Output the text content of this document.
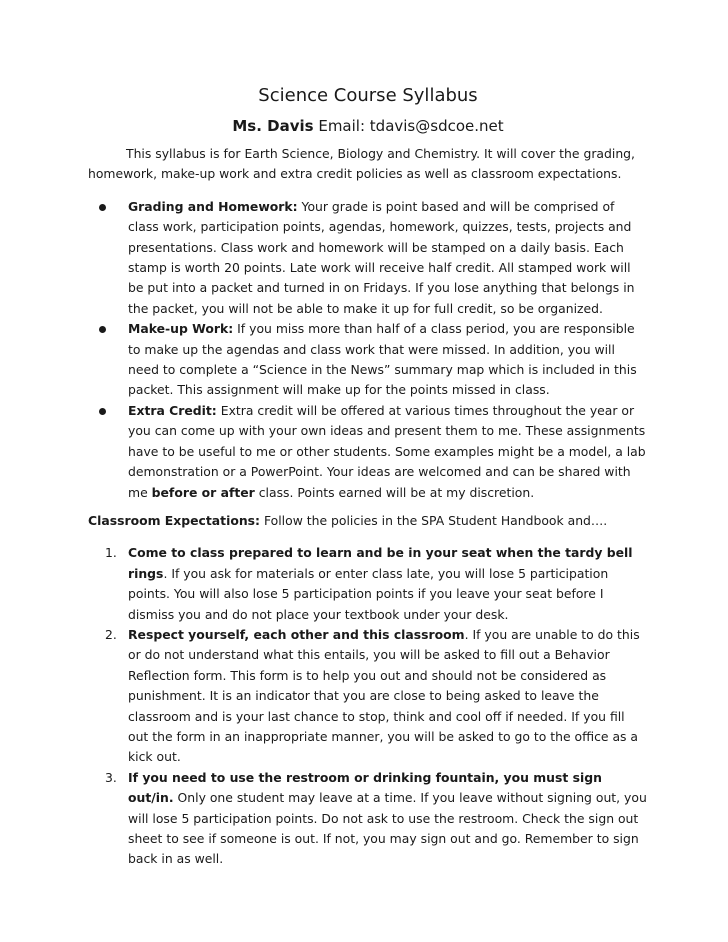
Science Course Syllabus
Ms. Davis Email: tdavis@sdcoe.net

This syllabus is for Earth Science, Biology and Chemistry. It will cover the grading, homework, make-up work and extra credit policies as well as classroom expectations.

Grading and Homework: Your grade is point based and will be comprised of class work, participation points, agendas, homework, quizzes, tests, projects and presentations. Class work and homework will be stamped on a daily basis. Each stamp is worth 20 points. Late work will receive half credit. All stamped work will be put into a packet and turned in on Fridays. If you lose anything that belongs in the packet, you will not be able to make it up for full credit, so be organized.
Make-up Work: If you miss more than half of a class period, you are responsible to make up the agendas and class work that were missed. In addition, you will need to complete a “Science in the News” summary map which is included in this packet. This assignment will make up for the points missed in class.
Extra Credit: Extra credit will be offered at various times throughout the year or you can come up with your own ideas and present them to me. These assignments have to be useful to me or other students. Some examples might be a model, a lab demonstration or a PowerPoint. Your ideas are welcomed and can be shared with me before or after class. Points earned will be at my discretion.

Classroom Expectations: Follow the policies in the SPA Student Handbook and….

1. Come to class prepared to learn and be in your seat when the tardy bell rings. If you ask for materials or enter class late, you will lose 5 participation points. You will also lose 5 participation points if you leave your seat before I dismiss you and do not place your textbook under your desk.
2. Respect yourself, each other and this classroom. If you are unable to do this or do not understand what this entails, you will be asked to fill out a Behavior Reflection form. This form is to help you out and should not be considered as punishment. It is an indicator that you are close to being asked to leave the classroom and is your last chance to stop, think and cool off if needed. If you fill out the form in an inappropriate manner, you will be asked to go to the office as a kick out.
3. If you need to use the restroom or drinking fountain, you must sign out/in. Only one student may leave at a time. If you leave without signing out, you will lose 5 participation points. Do not ask to use the restroom. Check the sign out sheet to see if someone is out. If not, you may sign out and go. Remember to sign back in as well.
